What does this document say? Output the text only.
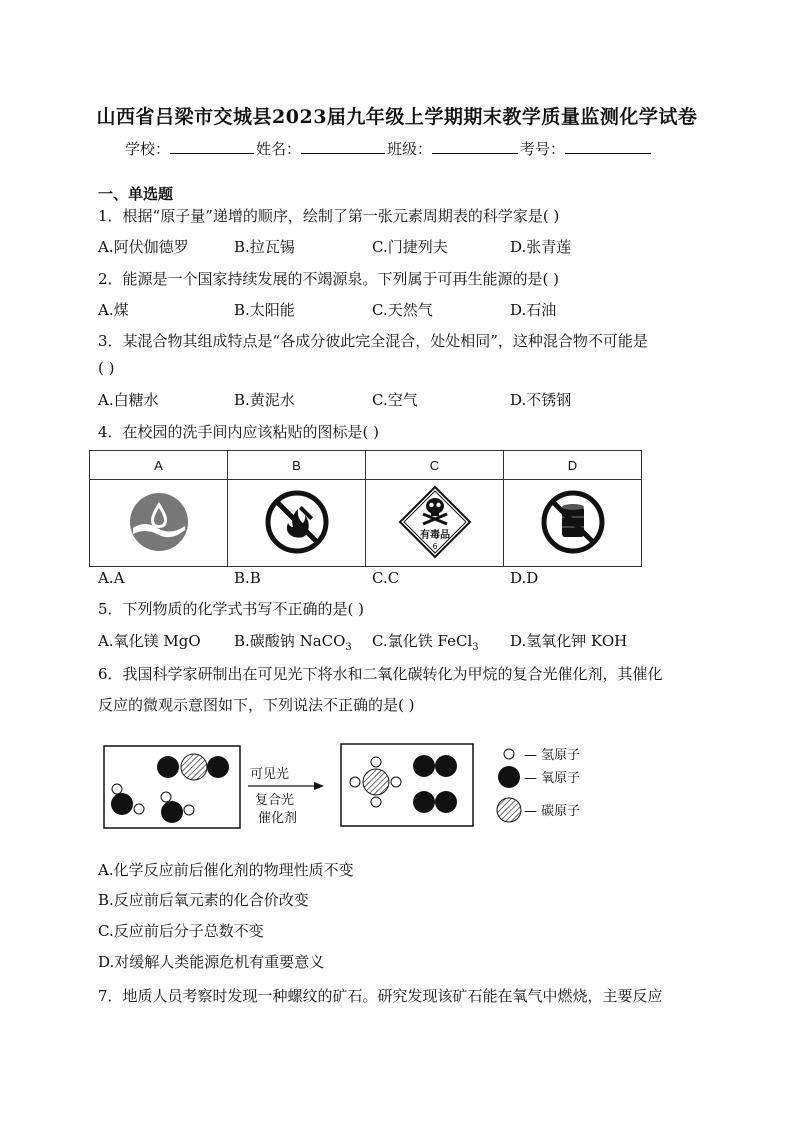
山西省吕梁市交城县2023届九年级上学期期末教学质量监测化学试卷
学校：	姓名：	班级：	考号：
一、单选题
1．根据“原子量”递增的顺序，绘制了第一张元素周期表的科学家是( )
A.阿伏伽德罗	B.拉瓦锡	C.门捷列夫	D.张青莲
2．能源是一个国家持续发展的不竭源泉。下列属于可再生能源的是( )
A.煤	B.太阳能	C.天然气	D.石油
3．某混合物其组成特点是“各成分彼此完全混合，处处相同”，这种混合物不可能是
( )
A.白糖水	B.黄泥水	C.空气	D.不锈钢
4．在校园的洗手间内应该粘贴的图标是( )
A	B	C	D

有毒品
6

A.A	B.B	C.C	D.D
5．下列物质的化学式书写不正确的是( )
A.氧化镁 MgO B.碳酸钠 NaCO$_3$ C.氯化铁 FeCl$_3$ D.氢氧化钾 KOH
6．我国科学家研制出在可见光下将水和二氧化碳转化为甲烷的复合光催化剂，其催化
反应的微观示意图如下，下列说法不正确的是( )
可见光
复合光
催化剂
— 氢原子
— 氧原子
— 碳原子
A.化学反应前后催化剂的物理性质不变
B.反应前后氧元素的化合价改变
C.反应前后分子总数不变
D.对缓解人类能源危机有重要意义
7．地质人员考察时发现一种螺纹的矿石。研究发现该矿石能在氧气中燃烧，主要反应
